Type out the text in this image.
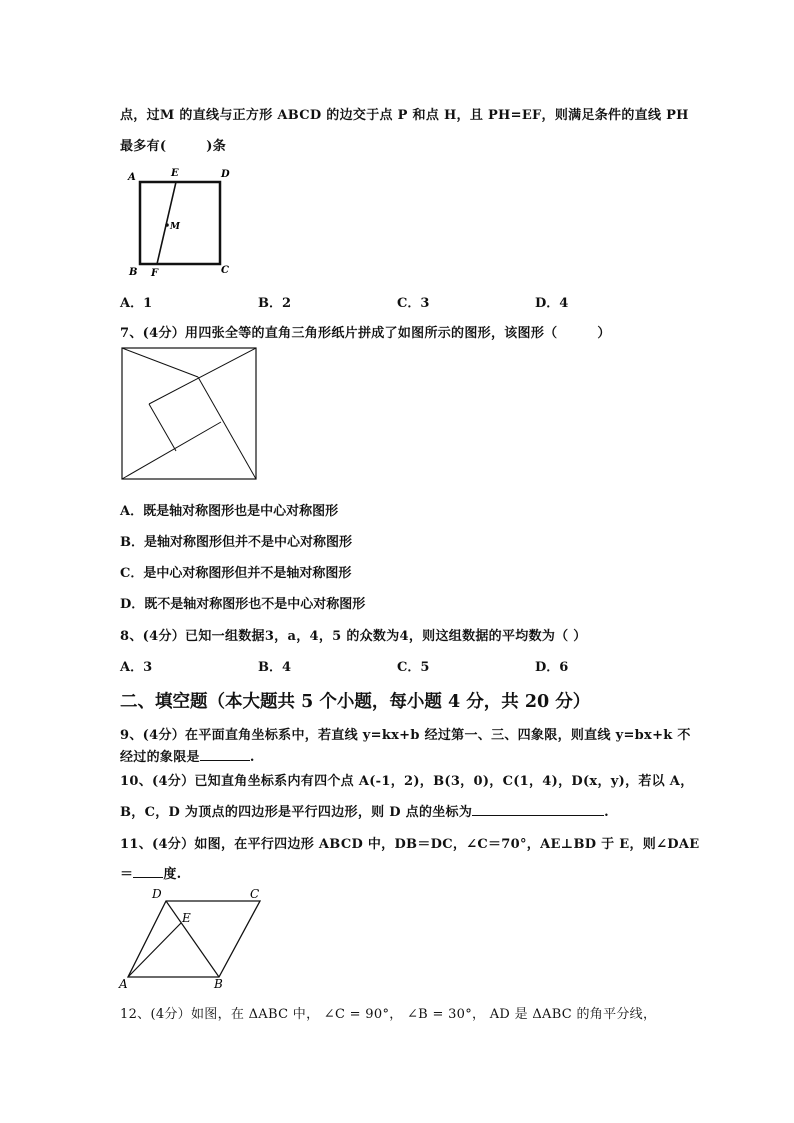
点，过M 的直线与正方形 ABCD 的边交于点 P 和点 H，且 PH=EF，则满足条件的直线 PH
最多有(　　　)条
A	E	D
M
B F	C
A．1	B．2	C．3	D．4
7、(4分）用四张全等的直角三角形纸片拼成了如图所示的图形，该图形（　　　）
A．既是轴对称图形也是中心对称图形
B．是轴对称图形但并不是中心对称图形
C．是中心对称图形但并不是轴对称图形
D．既不是轴对称图形也不是中心对称图形
8、(4分）已知一组数据3，a，4，5 的众数为4，则这组数据的平均数为（ ）
A．3	B．4	C．5	D．6
二、填空题（本大题共 5 个小题，每小题 4 分，共 20 分）
9、(4分）在平面直角坐标系中，若直线 y=kx+b 经过第一、三、四象限，则直线 y=bx+k 不
经过的象限是	.
10、(4分）已知直角坐标系内有四个点 A(-1，2)，B(3，0)，C(1，4)，D(x，y)，若以 A，
B，C，D 为顶点的四边形是平行四边形，则 D 点的坐标为	.
11、(4分）如图，在平行四边形 ABCD 中，DB＝DC，∠C＝70°，AE⊥BD 于 E，则∠DAE
＝ 度.
D	C
E
A	B
12、(4分）如图，在 ΔABC 中， ∠C = 90°， ∠B = 30°， AD 是 ΔABC 的角平分线，
